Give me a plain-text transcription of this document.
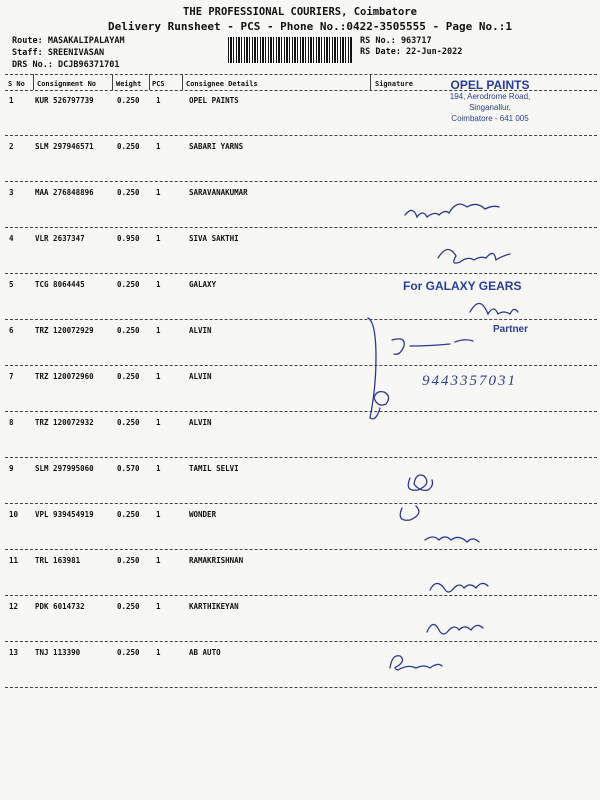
THE PROFESSIONAL COURIERS, Coimbatore
Delivery Runsheet - PCS - Phone No.:0422-3505555 - Page No.:1
Route: MASAKALIPALAYAM
Staff: SREENIVASAN
DRS No.: DCJB96371701
RS No.: 963717
RS Date: 22-Jun-2022
S No Consignment No	Weight PCS	Consignee Details	Signature
1	KUR 526797739	0.250 1	OPEL PAINTS
2	SLM 297946571	0.250 1	SABARI YARNS
3	MAA 276848896	0.250 1	SARAVANAKUMAR
4	VLR 2637347	0.950 1	SIVA SAKTHI
5	TCG 8064445	0.250 1	GALAXY
6	TRZ 120072929	0.250 1	ALVIN
7	TRZ 120072960	0.250 1	ALVIN
8	TRZ 120072932	0.250 1	ALVIN
9	SLM 297995060	0.570 1	TAMIL SELVI
10 VPL 939454919	0.250 1	WONDER
11 TRL 163981	0.250 1	RAMAKRISHNAN
12 PDK 6014732	0.250 1	KARTHIKEYAN
13 TNJ 113390	0.250 1	AB AUTO
OPEL PAINTS
194, Aerodrome Road,
Singanallur,
Coimbatore - 641 005
For GALAXY GEARS
Partner
9443357031
